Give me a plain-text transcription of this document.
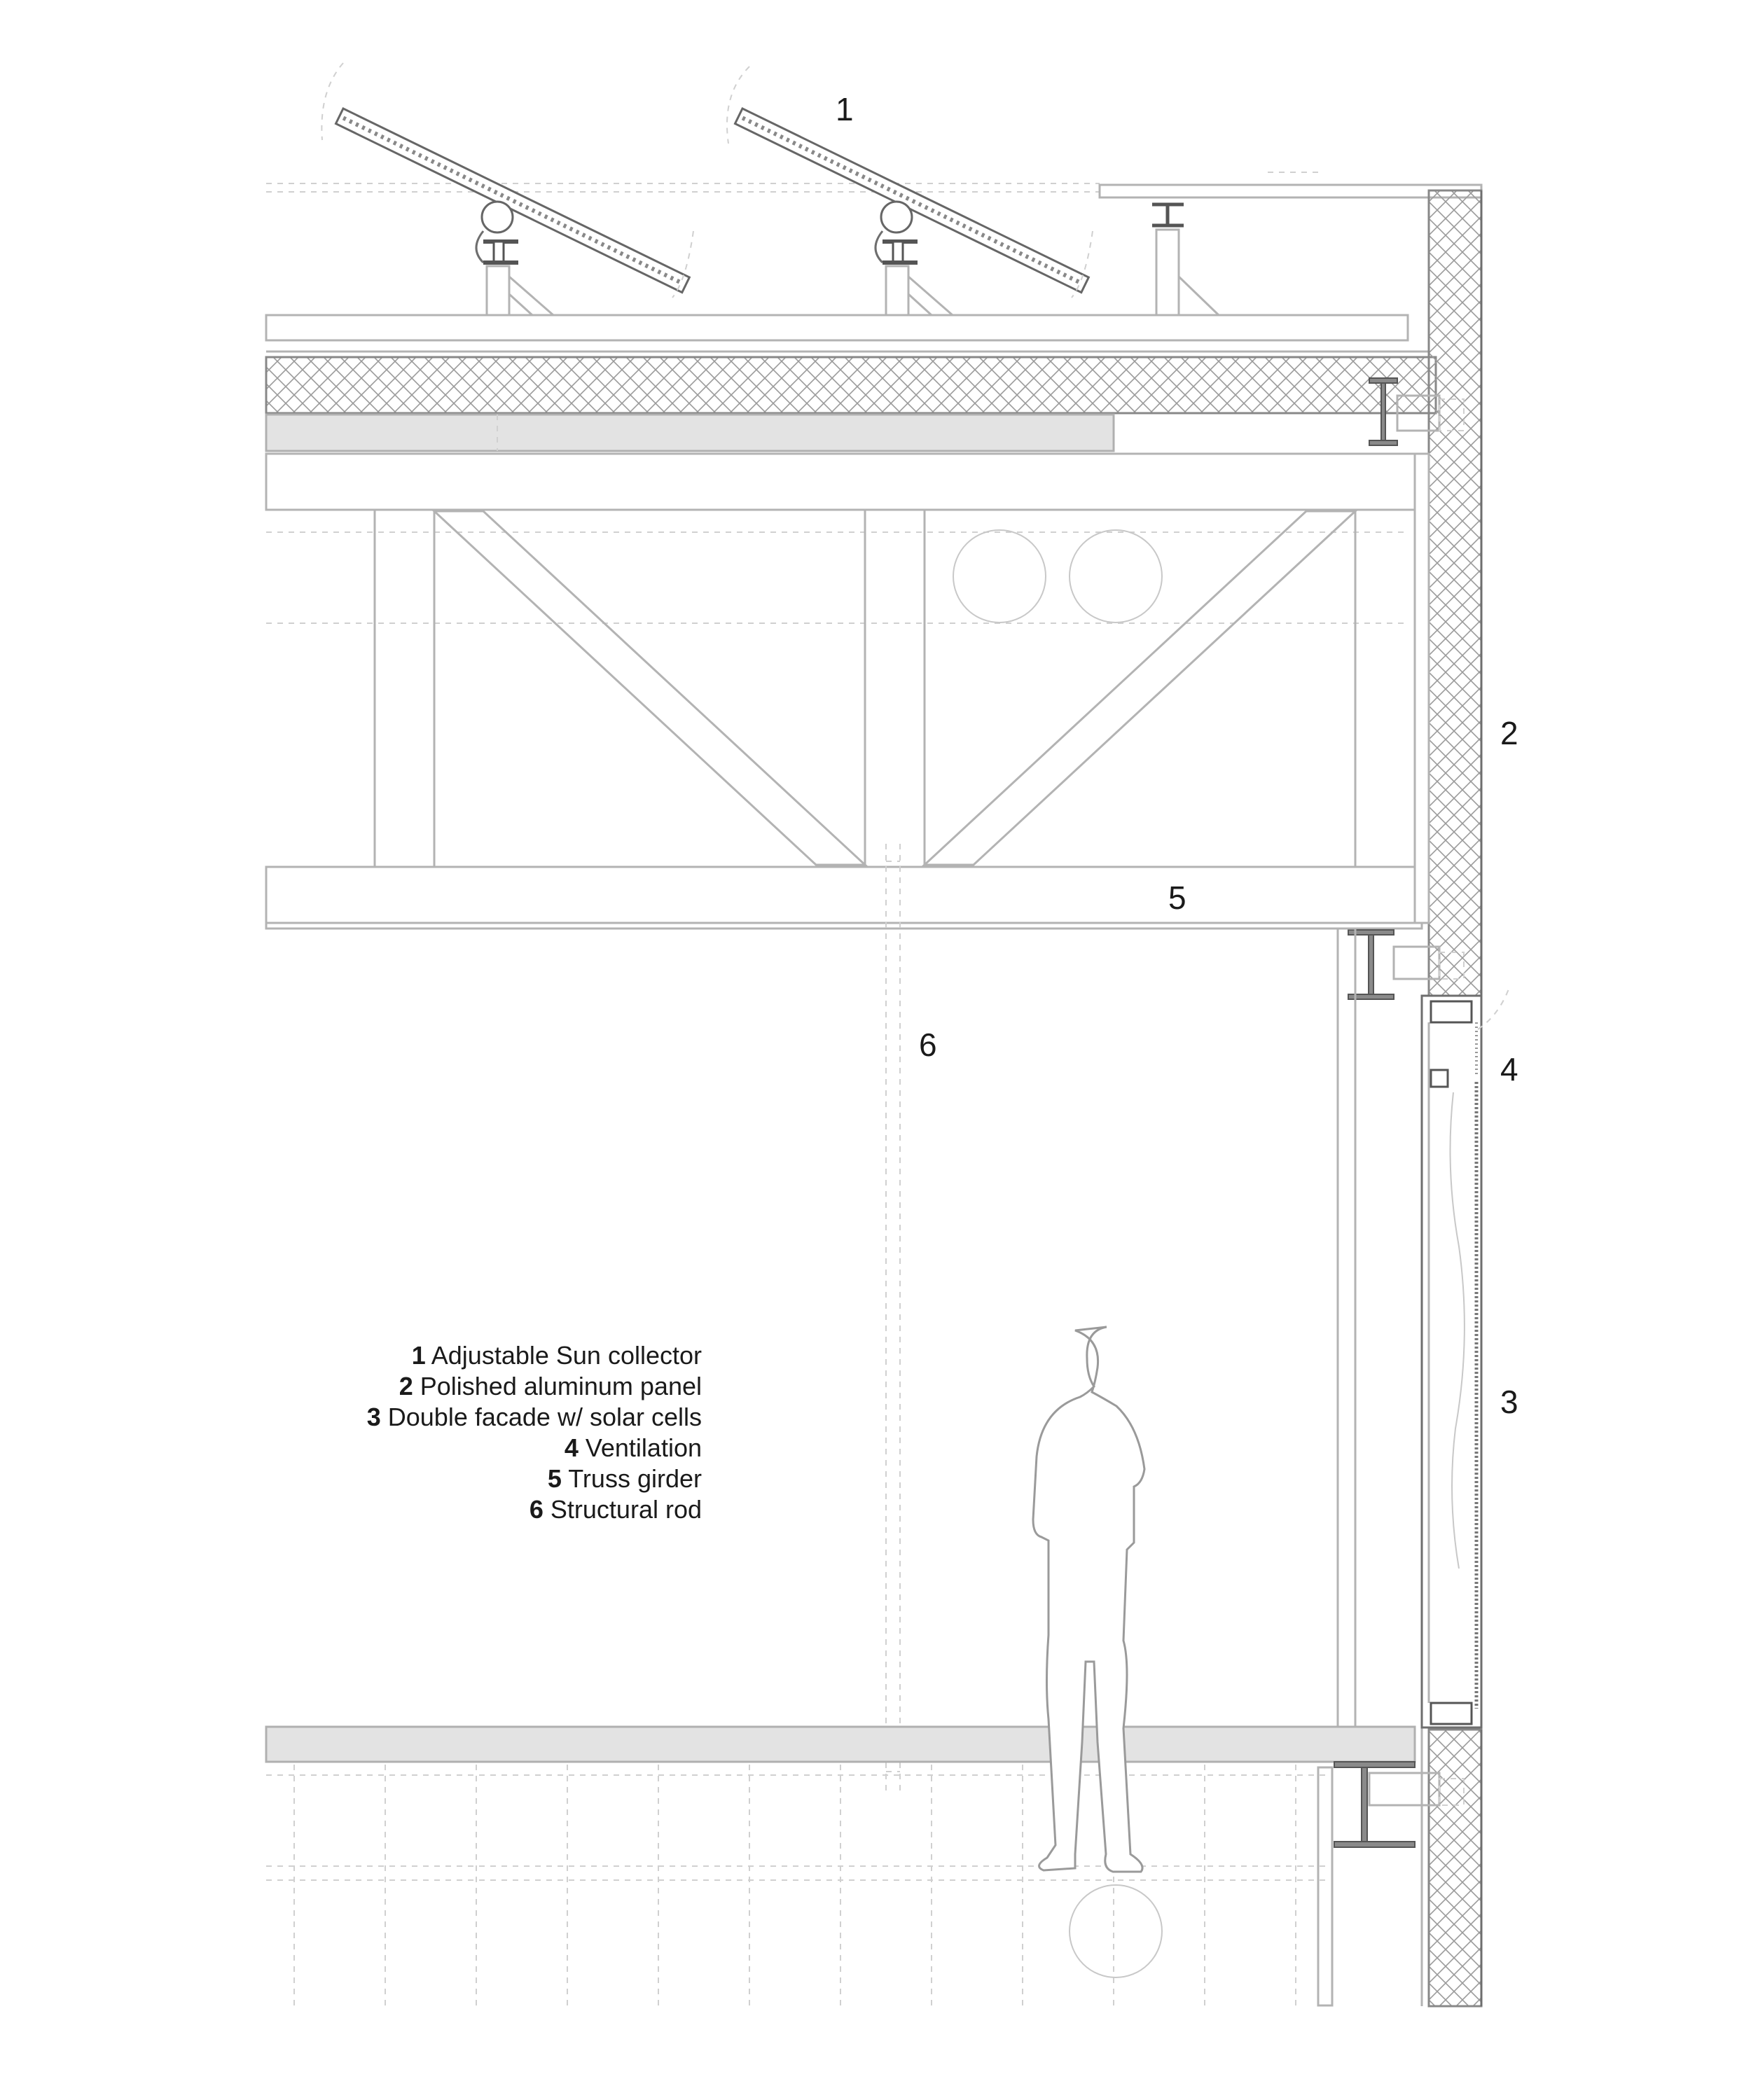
1
2
4
3
5
6
1 Adjustable Sun collector
2 Polished aluminum panel
3 Double facade w/ solar cells
4 Ventilation
5 Truss girder
6 Structural rod
